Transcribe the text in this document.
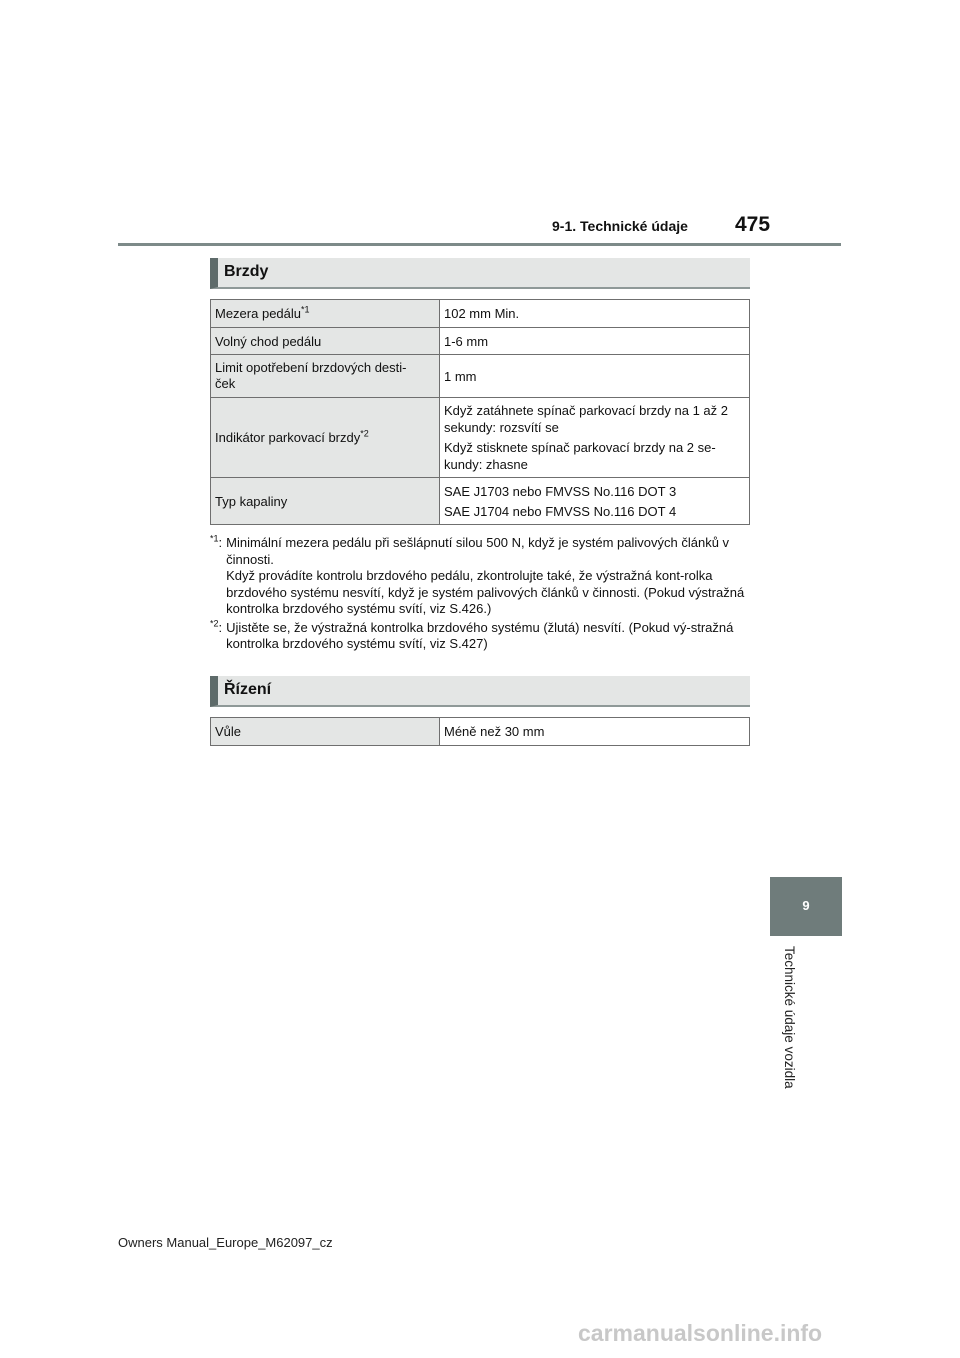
9-1. Technické údaje 475
Brzdy
Mezera pedálu$^{*1}$	102 mm Min.

Volný chod pedálu	1-6 mm

Limit opotřebení brzdových desti-
ček	1 mm

Indikátor parkovací brzdy$^{*2}$	Když zatáhnete spínač parkovací brzdy na 1 až 2 sekundy: rozsvítí se

Když stisknete spínač parkovací brzdy na 2 se-kundy: zhasne

Typ kapaliny	SAE J1703 nebo FMVSS No.116 DOT 3

SAE J1704 nebo FMVSS No.116 DOT 4

$^{*1}$: Minimální mezera pedálu při sešlápnutí silou 500 N, když je systém palivových článků v činnosti.

Když provádíte kontrolu brzdového pedálu, zkontrolujte také, že výstražná kont-rolka brzdového systému nesvítí, když je systém palivových článků v činnosti. (Pokud výstražná kontrolka brzdového systému svítí, viz S.426.)

$^{*2}$: Ujistěte se, že výstražná kontrolka brzdového systému (žlutá) nesvítí. (Pokud vý-stražná kontrolka brzdového systému svítí, viz S.427)

Řízení
Vůle	Méně než 30 mm

9
Technické údaje vozidla
Owners Manual_Europe_M62097_cz
carmanualsonline.info
